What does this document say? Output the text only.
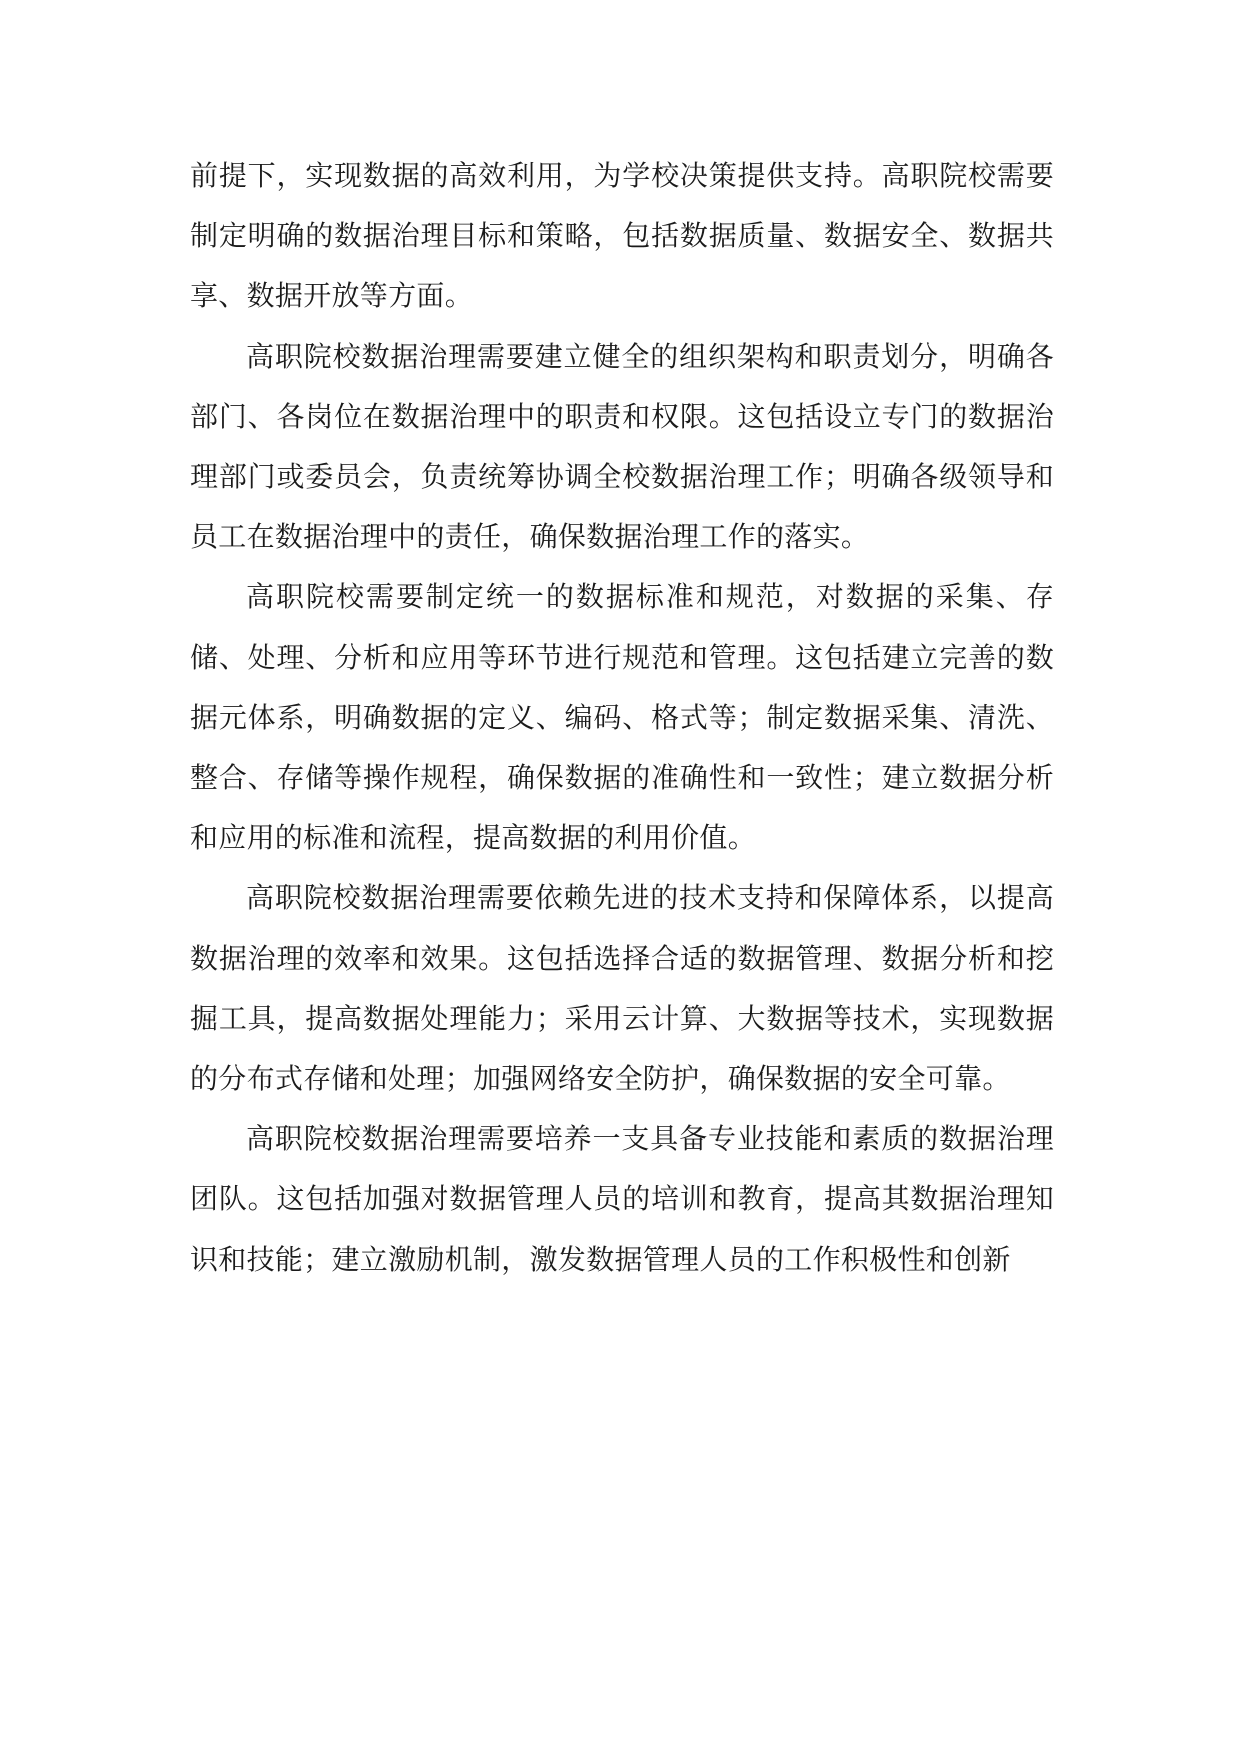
前提下，实现数据的高效利用，为学校决策提供支持。高职院校需要制定明确的数据治理目标和策略，包括数据质量、数据安全、数据共享、数据开放等方面。

高职院校数据治理需要建立健全的组织架构和职责划分，明确各部门、各岗位在数据治理中的职责和权限。这包括设立专门的数据治理部门或委员会，负责统筹协调全校数据治理工作；明确各级领导和员工在数据治理中的责任，确保数据治理工作的落实。

高职院校需要制定统一的数据标准和规范，对数据的采集、存储、处理、分析和应用等环节进行规范和管理。这包括建立完善的数据元体系，明确数据的定义、编码、格式等；制定数据采集、清洗、整合、存储等操作规程，确保数据的准确性和一致性；建立数据分析和应用的标准和流程，提高数据的利用价值。

高职院校数据治理需要依赖先进的技术支持和保障体系，以提高数据治理的效率和效果。这包括选择合适的数据管理、数据分析和挖掘工具，提高数据处理能力；采用云计算、大数据等技术，实现数据的分布式存储和处理；加强网络安全防护，确保数据的安全可靠。

高职院校数据治理需要培养一支具备专业技能和素质的数据治理团队。这包括加强对数据管理人员的培训和教育，提高其数据治理知识和技能；建立激励机制，激发数据管理人员的工作积极性和创新
